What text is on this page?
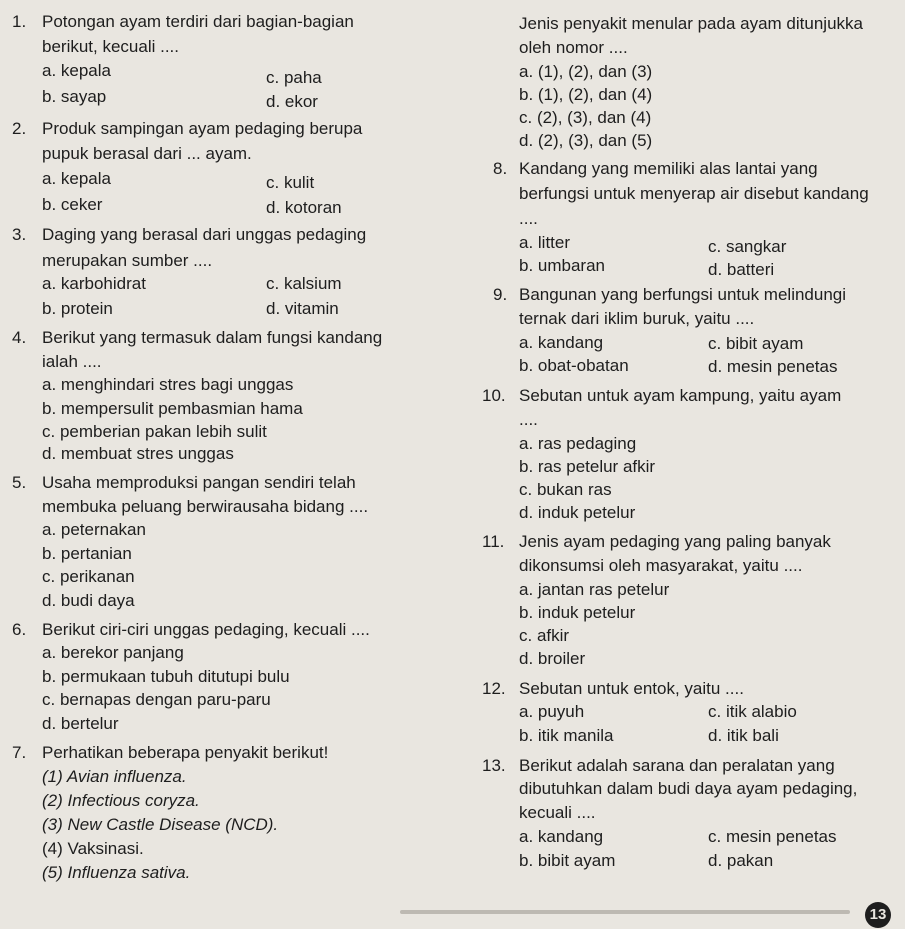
1. Potongan ayam terdiri dari bagian-bagian
berikut, kecuali ....
a. kepala	c. paha
b. sayap	d. ekor
2. Produk sampingan ayam pedaging berupa
pupuk berasal dari ... ayam.
a. kepala	c. kulit
b. ceker	d. kotoran
3. Daging yang berasal dari unggas pedaging
merupakan sumber ....
a. karbohidrat	c. kalsium
b. protein	d. vitamin
4. Berikut yang termasuk dalam fungsi kandang
ialah ....
a. menghindari stres bagi unggas
b. mempersulit pembasmian hama
c. pemberian pakan lebih sulit
d. membuat stres unggas
5. Usaha memproduksi pangan sendiri telah
membuka peluang berwirausaha bidang ....
a. peternakan
b. pertanian
c. perikanan
d. budi daya
6. Berikut ciri-ciri unggas pedaging, kecuali ....
a. berekor panjang
b. permukaan tubuh ditutupi bulu
c. bernapas dengan paru-paru
d. bertelur
7. Perhatikan beberapa penyakit berikut!
(1) Avian influenza.
(2) Infectious coryza.
(3) New Castle Disease (NCD).
(4) Vaksinasi.
(5) Influenza sativa.
Jenis penyakit menular pada ayam ditunjukka
oleh nomor ....
a. (1), (2), dan (3)
b. (1), (2), dan (4)
c. (2), (3), dan (4)
d. (2), (3), dan (5)
8. Kandang yang memiliki alas lantai yang
berfungsi untuk menyerap air disebut kandang
....
a. litter	c. sangkar
b. umbaran	d. batteri
9. Bangunan yang berfungsi untuk melindungi
ternak dari iklim buruk, yaitu ....
a. kandang	c. bibit ayam
b. obat-obatan	d. mesin penetas
10. Sebutan untuk ayam kampung, yaitu ayam
....
a. ras pedaging
b. ras petelur afkir
c. bukan ras
d. induk petelur
11. Jenis ayam pedaging yang paling banyak
dikonsumsi oleh masyarakat, yaitu ....
a. jantan ras petelur
b. induk petelur
c. afkir
d. broiler
12. Sebutan untuk entok, yaitu ....
a. puyuh	c. itik alabio
b. itik manila	d. itik bali
13. Berikut adalah sarana dan peralatan yang
dibutuhkan dalam budi daya ayam pedaging,
kecuali ....
a. kandang	c. mesin penetas
b. bibit ayam	d. pakan
13
